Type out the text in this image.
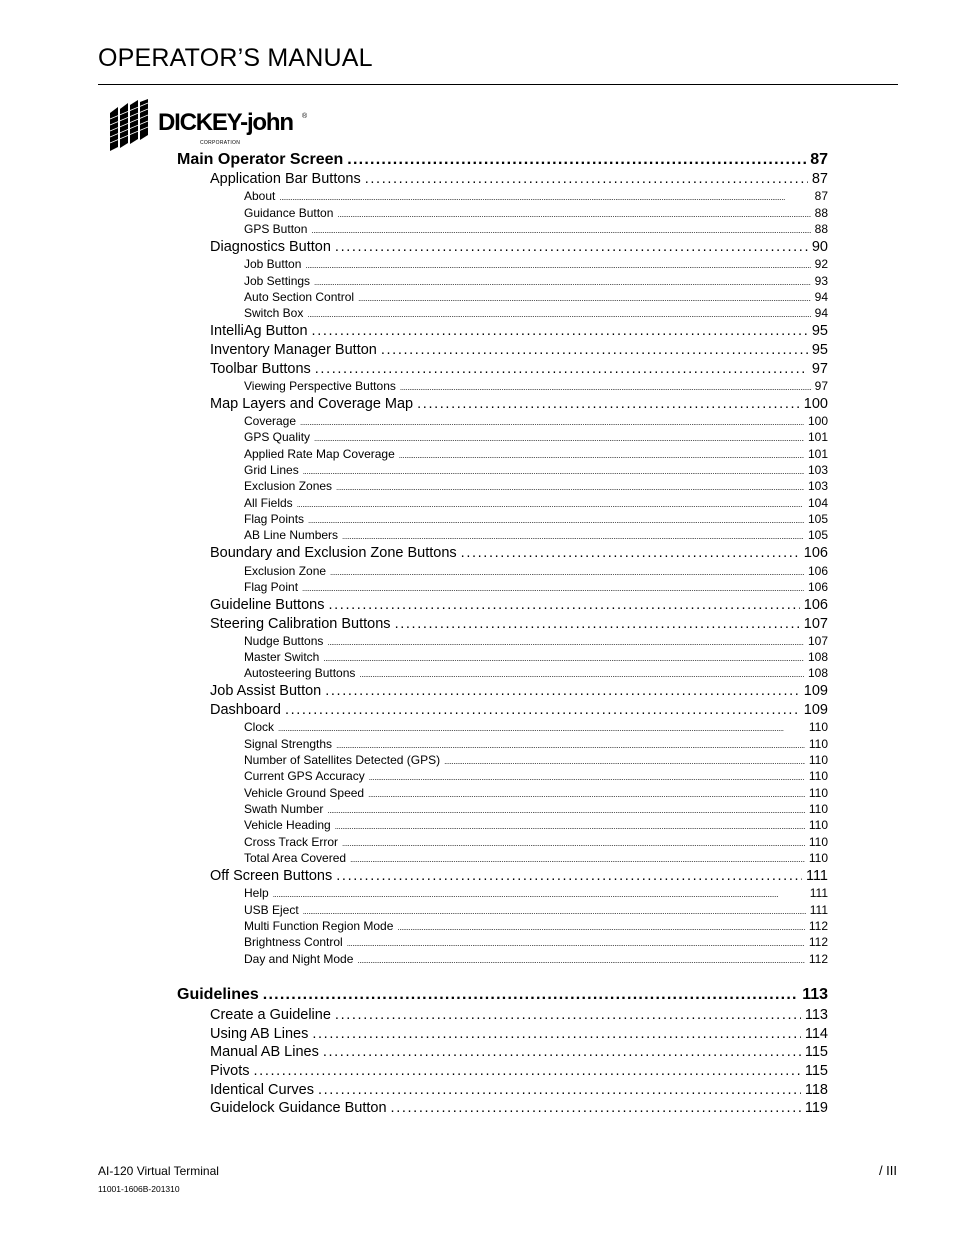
OPERATOR’S MANUAL
DICKEY-john ®
CORPORATION
Main Operator Screen . . .	87
Application Bar Buttons . . .	87
About . . .	87
Guidance Button . . .	88
GPS Button . . .	88
Diagnostics Button . . .	90
Job Button . . .	92
Job Settings . . .	93
Auto Section Control . . .	94
Switch Box . . .	94
IntelliAg Button . . .	95
Inventory Manager Button . . .	95
Toolbar Buttons . . .	97
Viewing Perspective Buttons . . .	97
Map Layers and Coverage Map . . .	100
Coverage . . .	100
GPS Quality . . .	101
Applied Rate Map Coverage . . .	101
Grid Lines . . .	103
Exclusion Zones . . .	103
All Fields . . .	104
Flag Points . . .	105
AB Line Numbers . . .	105
Boundary and Exclusion Zone Buttons . . .	106
Exclusion Zone . . .	106
Flag Point . . .	106
Guideline Buttons . . .	106
Steering Calibration Buttons . . .	107
Nudge Buttons . . .	107
Master Switch . . .	108
Autosteering Buttons . . .	108
Job Assist Button . . .	109
Dashboard . . .	109
Clock . . .	110
Signal Strengths . . .	110
Number of Satellites Detected (GPS) . . .	110
Current GPS Accuracy . . .	110
Vehicle Ground Speed . . .	110
Swath Number . . .	110
Vehicle Heading . . .	110
Cross Track Error . . .	110
Total Area Covered . . .	110
Off Screen Buttons . . .	111
Help . . .	111
USB Eject . . .	111
Multi Function Region Mode . . .	112
Brightness Control . . .	112
Day and Night Mode . . .	112
Guidelines . . .	113
Create a Guideline . . .	113
Using AB Lines . . .	114
Manual AB Lines . . .	115
Pivots . . .	115
Identical Curves . . .	118
Guidelock Guidance Button . . .	119
AI-120 Virtual Terminal
11001-1606B-201310
/ III
